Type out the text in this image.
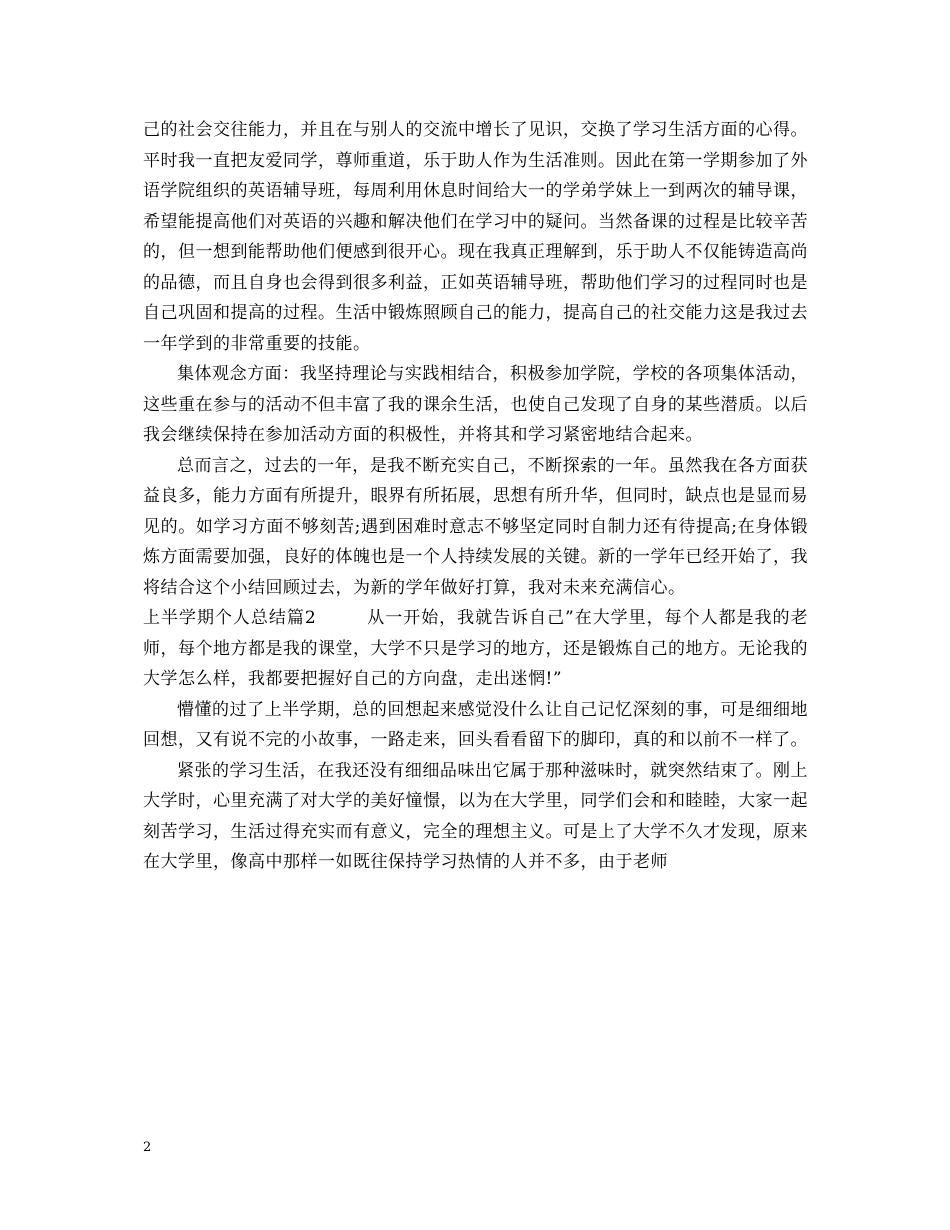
己的社会交往能力，并且在与别人的交流中增长了见识，交换了学习生活方面的心得。平时我一直把友爱同学，尊师重道，乐于助人作为生活准则。因此在第一学期参加了外语学院组织的英语辅导班，每周利用休息时间给大一的学弟学妹上一到两次的辅导课，希望能提高他们对英语的兴趣和解决他们在学习中的疑问。当然备课的过程是比较辛苦的，但一想到能帮助他们便感到很开心。现在我真正理解到，乐于助人不仅能铸造高尚的品德，而且自身也会得到很多利益，正如英语辅导班，帮助他们学习的过程同时也是自己巩固和提高的过程。生活中锻炼照顾自己的能力，提高自己的社交能力这是我过去一年学到的非常重要的技能。

集体观念方面：我坚持理论与实践相结合，积极参加学院，学校的各项集体活动，这些重在参与的活动不但丰富了我的课余生活，也使自己发现了自身的某些潜质。以后我会继续保持在参加活动方面的积极性，并将其和学习紧密地结合起来。

总而言之，过去的一年，是我不断充实自己，不断探索的一年。虽然我在各方面获益良多，能力方面有所提升，眼界有所拓展，思想有所升华，但同时，缺点也是显而易见的。如学习方面不够刻苦;遇到困难时意志不够坚定同时自制力还有待提高;在身体锻炼方面需要加强，良好的体魄也是一个人持续发展的关键。新的一学年已经开始了，我将结合这个小结回顾过去，为新的学年做好打算，我对未来充满信心。

上半学期个人总结篇2	从一开始，我就告诉自己”在大学里，每个人都是我的老师，每个地方都是我的课堂，大学不只是学习的地方，还是锻炼自己的地方。无论我的大学怎么样，我都要把握好自己的方向盘，走出迷惘!”

懵懂的过了上半学期，总的回想起来感觉没什么让自己记忆深刻的事，可是细细地回想，又有说不完的小故事，一路走来，回头看看留下的脚印，真的和以前不一样了。

紧张的学习生活，在我还没有细细品味出它属于那种滋味时，就突然结束了。刚上大学时，心里充满了对大学的美好憧憬，以为在大学里，同学们会和和睦睦，大家一起刻苦学习，生活过得充实而有意义，完全的理想主义。可是上了大学不久才发现，原来在大学里，像高中那样一如既往保持学习热情的人并不多，由于老师

2
